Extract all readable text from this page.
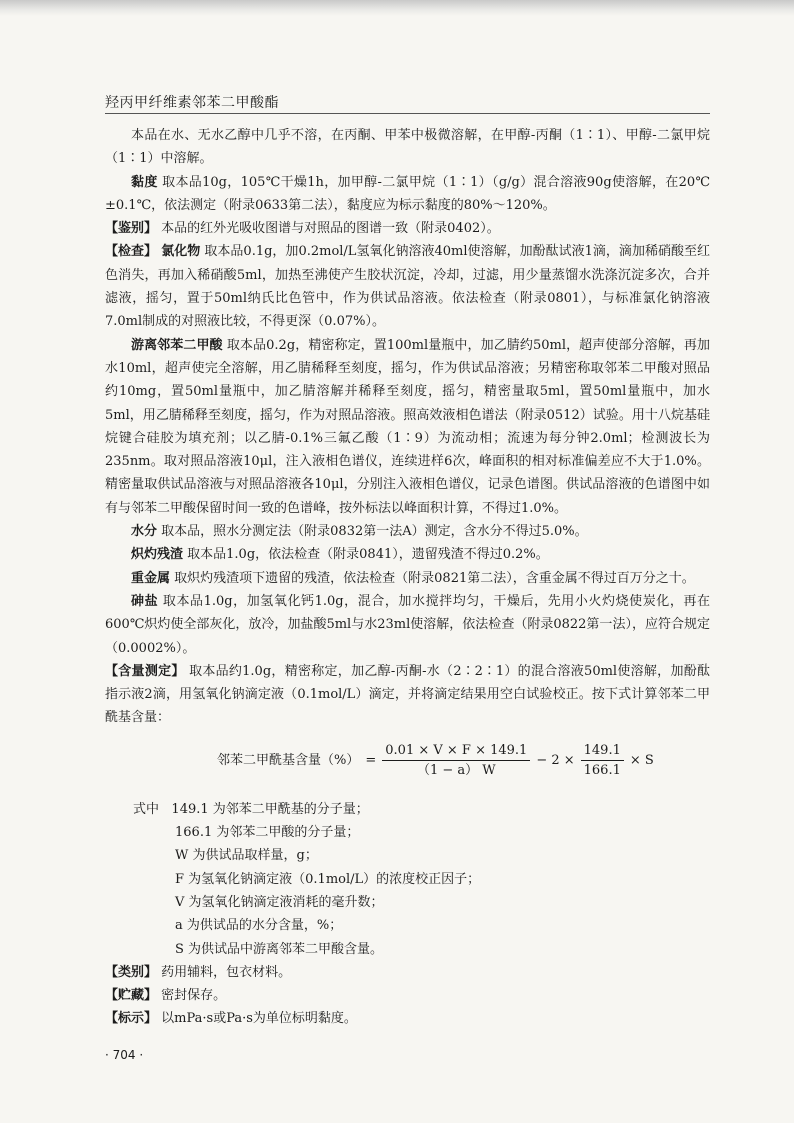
羟丙甲纤维素邻苯二甲酸酯

本品在水、无水乙醇中几乎不溶，在丙酮、甲苯中极微溶解，在甲醇-丙酮（1∶1）、甲醇-二氯甲烷（1∶1）中溶解。

黏度 取本品10g，105℃干燥1h，加甲醇-二氯甲烷（1∶1）（g/g）混合溶液90g使溶解，在20℃±0.1℃，依法测定（附录0633第二法），黏度应为标示黏度的80%～120%。

【鉴别】 本品的红外光吸收图谱与对照品的图谱一致（附录0402）。

【检查】 氯化物 取本品0.1g，加0.2mol/L氢氧化钠溶液40ml使溶解，加酚酞试液1滴，滴加稀硝酸至红色消失，再加入稀硝酸5ml，加热至沸使产生胶状沉淀，冷却，过滤，用少量蒸馏水洗涤沉淀多次，合并滤液，摇匀，置于50ml纳氏比色管中，作为供试品溶液。依法检查（附录0801），与标准氯化钠溶液7.0ml制成的对照液比较，不得更深（0.07%）。

游离邻苯二甲酸 取本品0.2g，精密称定，置100ml量瓶中，加乙腈约50ml，超声使部分溶解，再加水10ml，超声使完全溶解，用乙腈稀释至刻度，摇匀，作为供试品溶液；另精密称取邻苯二甲酸对照品约10mg，置50ml量瓶中，加乙腈溶解并稀释至刻度，摇匀，精密量取5ml，置50ml量瓶中，加水5ml，用乙腈稀释至刻度，摇匀，作为对照品溶液。照高效液相色谱法（附录0512）试验。用十八烷基硅烷键合硅胶为填充剂；以乙腈-0.1%三氟乙酸（1∶9）为流动相；流速为每分钟2.0ml；检测波长为235nm。取对照品溶液10μl，注入液相色谱仪，连续进样6次，峰面积的相对标准偏差应不大于1.0%。精密量取供试品溶液与对照品溶液各10μl，分别注入液相色谱仪，记录色谱图。供试品溶液的色谱图中如有与邻苯二甲酸保留时间一致的色谱峰，按外标法以峰面积计算，不得过1.0%。

水分 取本品，照水分测定法（附录0832第一法A）测定，含水分不得过5.0%。

炽灼残渣 取本品1.0g，依法检查（附录0841），遗留残渣不得过0.2%。

重金属 取炽灼残渣项下遗留的残渣，依法检查（附录0821第二法），含重金属不得过百万分之十。

砷盐 取本品1.0g，加氢氧化钙1.0g，混合，加水搅拌均匀，干燥后，先用小火灼烧使炭化，再在600℃炽灼使全部灰化，放冷，加盐酸5ml与水23ml使溶解，依法检查（附录0822第一法），应符合规定（0.0002%）。

【含量测定】 取本品约1.0g，精密称定，加乙醇-丙酮-水（2∶2∶1）的混合溶液50ml使溶解，加酚酞指示液2滴，用氢氧化钠滴定液（0.1mol/L）滴定，并将滴定结果用空白试验校正。按下式计算邻苯二甲酰基含量：

邻苯二甲酰基含量（%） = $\frac{0.01 \times V \times F \times 149.1}{(1 - a) W} - 2 \times \frac{149.1}{166.1} \times S$
式中 149.1 为邻苯二甲酰基的分子量；
166.1 为邻苯二甲酸的分子量；
W 为供试品取样量，g；
F 为氢氧化钠滴定液（0.1mol/L）的浓度校正因子；
V 为氢氧化钠滴定液消耗的毫升数；
a 为供试品的水分含量，%；
S 为供试品中游离邻苯二甲酸含量。

【类别】 药用辅料，包衣材料。

【贮藏】 密封保存。

【标示】 以mPa·s或Pa·s为单位标明黏度。

· 704 ·
